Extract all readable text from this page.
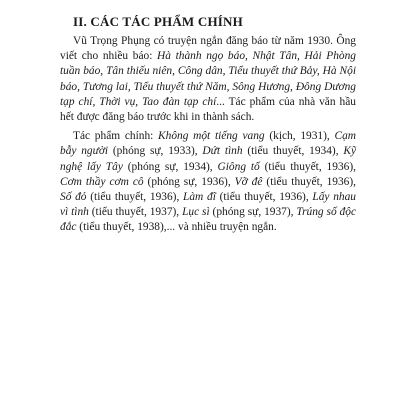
II. CÁC TÁC PHẨM CHÍNH

Vũ Trọng Phụng có truyện ngắn đăng báo từ năm 1930. Ông viết cho nhiều báo: Hà thành ngọ báo, Nhật Tân, Hải Phòng tuần báo, Tân thiếu niên, Công dân, Tiểu thuyết thứ Bảy, Hà Nội báo, Tương lai, Tiểu thuyết thứ Năm, Sông Hương, Đông Dương tạp chí, Thời vụ, Tao đàn tạp chí... Tác phẩm của nhà văn hầu hết được đăng báo trước khi in thành sách.

Tác phẩm chính: Không một tiếng vang (kịch, 1931), Cạm bẫy người (phóng sự, 1933), Dứt tình (tiểu thuyết, 1934), Kỹ nghệ lấy Tây (phóng sự, 1934), Giông tố (tiểu thuyết, 1936), Cơm thầy cơm cô (phóng sự, 1936), Vỡ đê (tiểu thuyết, 1936), Số đỏ (tiểu thuyết, 1936), Làm đĩ (tiểu thuyết, 1936), Lấy nhau vì tình (tiểu thuyết, 1937), Lục sì (phóng sự, 1937), Trúng số độc đắc (tiểu thuyết, 1938),... và nhiều truyện ngắn.
